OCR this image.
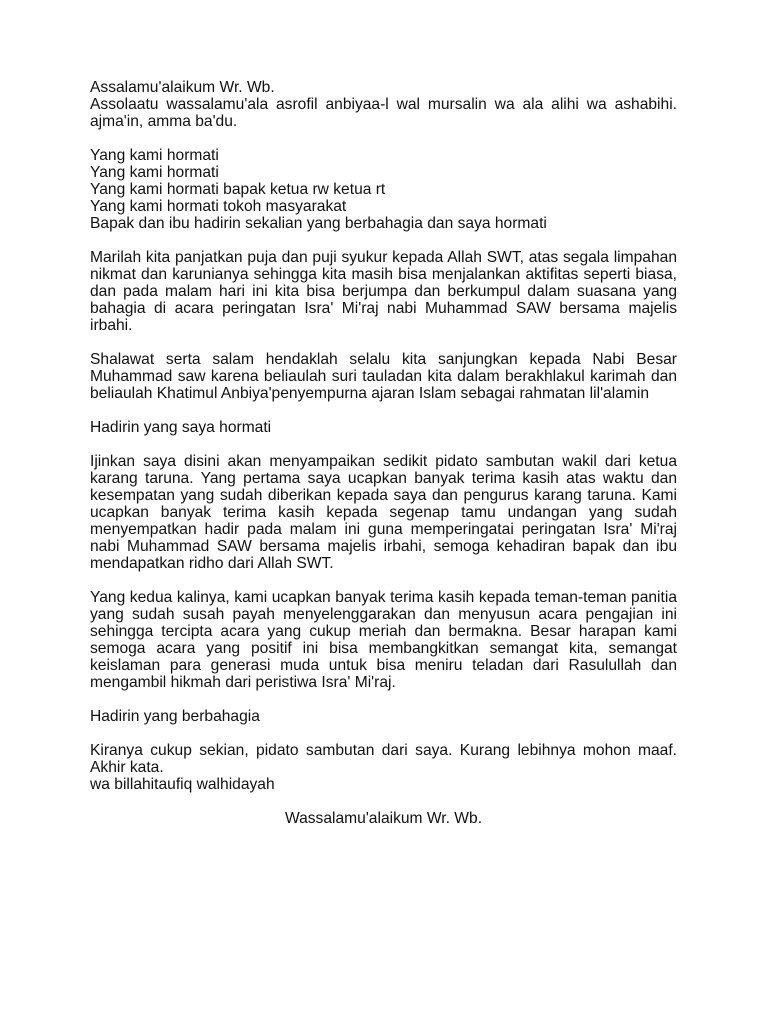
Assalamu'alaikum Wr. Wb.
Assolaatu wassalamu'ala asrofil anbiyaa-l wal mursalin wa ala alihi wa ashabihi. ajma'in, amma ba'du.
Yang kami hormati
Yang kami hormati
Yang kami hormati bapak ketua rw ketua rt
Yang kami hormati tokoh masyarakat
Bapak dan ibu hadirin sekalian yang berbahagia dan saya hormati

Marilah kita panjatkan puja dan puji syukur kepada Allah SWT, atas segala limpahan nikmat dan karunianya sehingga kita masih bisa menjalankan aktifitas seperti biasa, dan pada malam hari ini kita bisa berjumpa dan berkumpul dalam suasana yang bahagia di acara peringatan Isra' Mi'raj nabi Muhammad SAW bersama majelis irbahi.

Shalawat serta salam hendaklah selalu kita sanjungkan kepada Nabi Besar Muhammad saw karena beliaulah suri tauladan kita dalam berakhlakul karimah dan beliaulah Khatimul Anbiya'penyempurna ajaran Islam sebagai rahmatan lil'alamin

Hadirin yang saya hormati

Ijinkan saya disini akan menyampaikan sedikit pidato sambutan wakil dari ketua karang taruna. Yang pertama saya ucapkan banyak terima kasih atas waktu dan kesempatan yang sudah diberikan kepada saya dan pengurus karang taruna. Kami ucapkan banyak terima kasih kepada segenap tamu undangan yang sudah menyempatkan hadir pada malam ini guna memperingatai peringatan Isra' Mi'raj nabi Muhammad SAW bersama majelis irbahi, semoga kehadiran bapak dan ibu mendapatkan ridho dari Allah SWT.

Yang kedua kalinya, kami ucapkan banyak terima kasih kepada teman-teman panitia yang sudah susah payah menyelenggarakan dan menyusun acara pengajian ini sehingga tercipta acara yang cukup meriah dan bermakna. Besar harapan kami semoga acara yang positif ini bisa membangkitkan semangat kita, semangat keislaman para generasi muda untuk bisa meniru teladan dari Rasulullah dan mengambil hikmah dari peristiwa Isra' Mi'raj.

Hadirin yang berbahagia

Kiranya cukup sekian, pidato sambutan dari saya. Kurang lebihnya mohon maaf. Akhir kata.
wa billahitaufiq walhidayah

Wassalamu'alaikum Wr. Wb.
